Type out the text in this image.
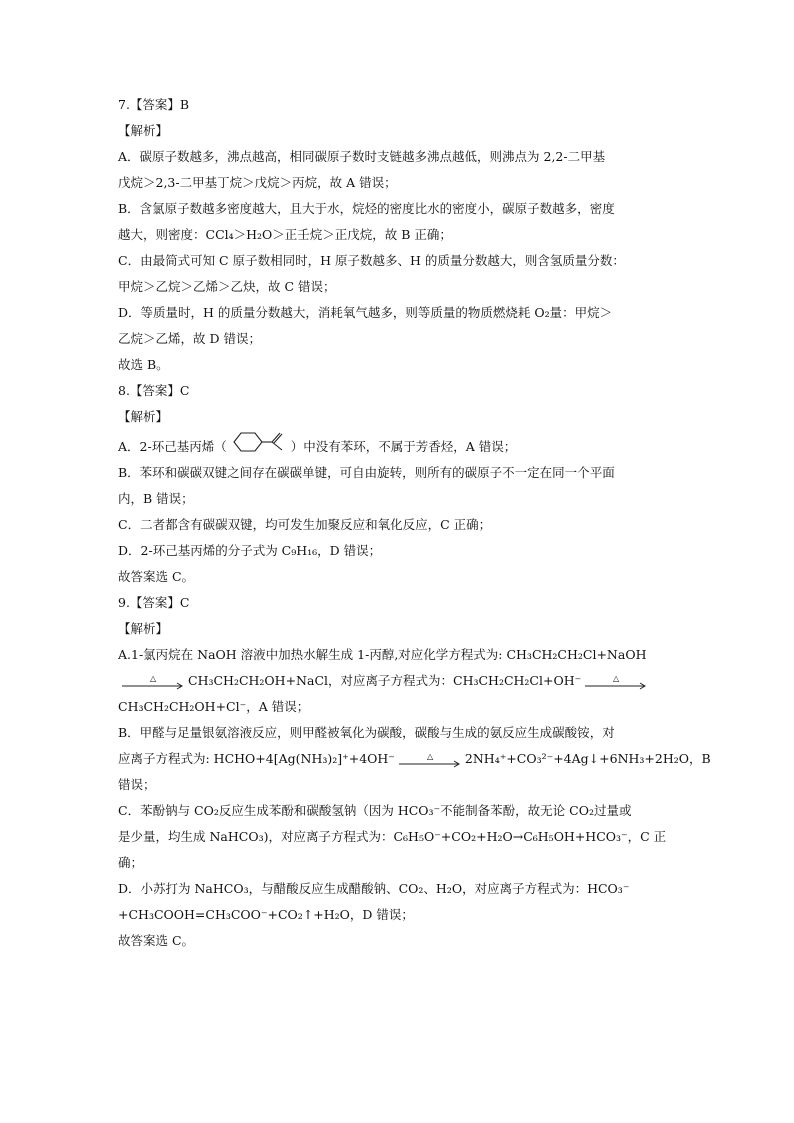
7.【答案】B
【解析】
A．碳原子数越多，沸点越高，相同碳原子数时支链越多沸点越低，则沸点为 2,2-二甲基
戊烷＞2,3-二甲基丁烷＞戊烷＞丙烷，故 A 错误；
B．含氯原子数越多密度越大，且大于水，烷烃的密度比水的密度小，碳原子数越多，密度
越大，则密度：CCl₄＞H₂O＞正壬烷＞正戊烷，故 B 正确；
C．由最简式可知 C 原子数相同时，H 原子数越多、H 的质量分数越大，则含氢质量分数：
甲烷＞乙烷＞乙烯＞乙炔，故 C 错误；
D．等质量时，H 的质量分数越大，消耗氧气越多，则等质量的物质燃烧耗 O₂量：甲烷＞
乙烷＞乙烯，故 D 错误；
故选 B。
8.【答案】C
【解析】
A．2-环己基丙烯（	）中没有苯环，不属于芳香烃，A 错误；
B．苯环和碳碳双键之间存在碳碳单键，可自由旋转，则所有的碳原子不一定在同一个平面
内，B 错误；
C．二者都含有碳碳双键，均可发生加聚反应和氧化反应，C 正确；
D．2-环己基丙烯的分子式为 C₉H₁₆，D 错误；
故答案选 C。
9.【答案】C
【解析】
A.1-氯丙烷在 NaOH 溶液中加热水解生成 1-丙醇,对应化学方程式为: CH₃CH₂CH₂Cl+NaOH
△	CH₃CH₂CH₂OH+NaCl，对应离子方程式为：CH₃CH₂CH₂Cl+OH⁻	△
CH₃CH₂CH₂OH+Cl⁻，A 错误；
B．甲醛与足量银氨溶液反应，则甲醛被氧化为碳酸，碳酸与生成的氨反应生成碳酸铵，对
应离子方程式为: HCHO+4[Ag(NH₃)₂]⁺+4OH⁻	△	2NH₄⁺+CO₃²⁻+4Ag↓+6NH₃+2H₂O，B
错误；
C．苯酚钠与 CO₂反应生成苯酚和碳酸氢钠（因为 HCO₃⁻不能制备苯酚，故无论 CO₂过量或
是少量，均生成 NaHCO₃)，对应离子方程式为：C₆H₅O⁻+CO₂+H₂O→C₆H₅OH+HCO₃⁻，C 正
确；
D．小苏打为 NaHCO₃，与醋酸反应生成醋酸钠、CO₂、H₂O，对应离子方程式为：HCO₃⁻
+CH₃COOH=CH₃COO⁻+CO₂↑+H₂O，D 错误；
故答案选 C。
